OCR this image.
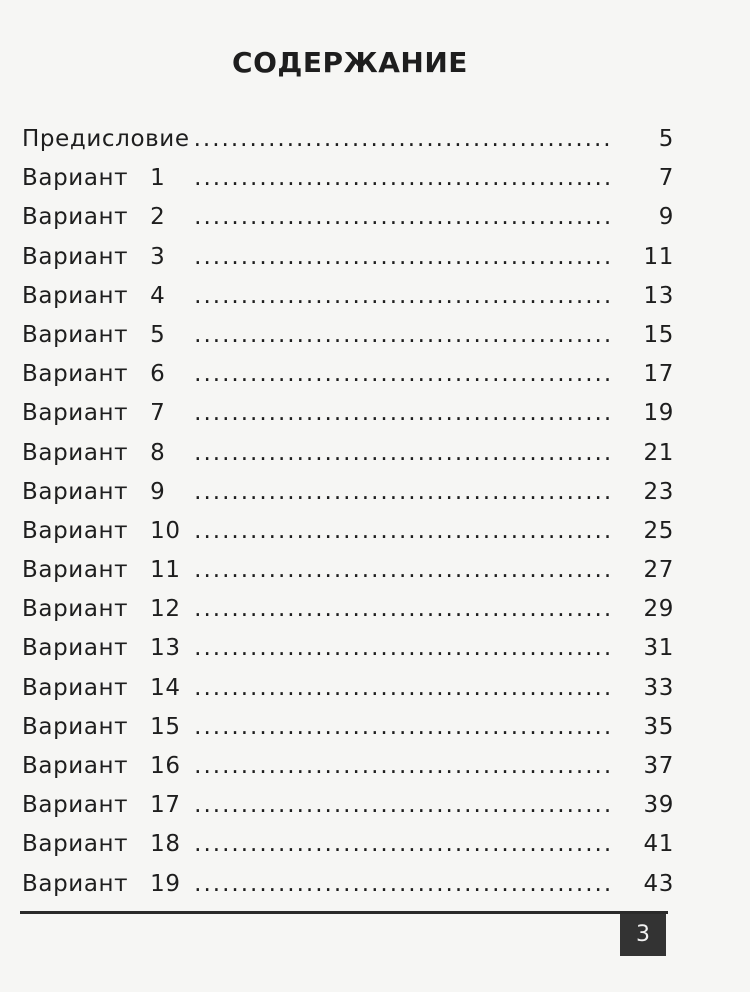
СОДЕРЖАНИЕ
Предисловие .....	5
Вариант 1 .....	7
Вариант 2 .....	9
Вариант 3 .....	11
Вариант 4 .....	13
Вариант 5 .....	15
Вариант 6 .....	17
Вариант 7 .....	19
Вариант 8 .....	21
Вариант 9 .....	23
Вариант 10 .....	25
Вариант 11 .....	27
Вариант 12 .....	29
Вариант 13 .....	31
Вариант 14 .....	33
Вариант 15 .....	35
Вариант 16 .....	37
Вариант 17 .....	39
Вариант 18 .....	41
Вариант 19 .....	43
3
